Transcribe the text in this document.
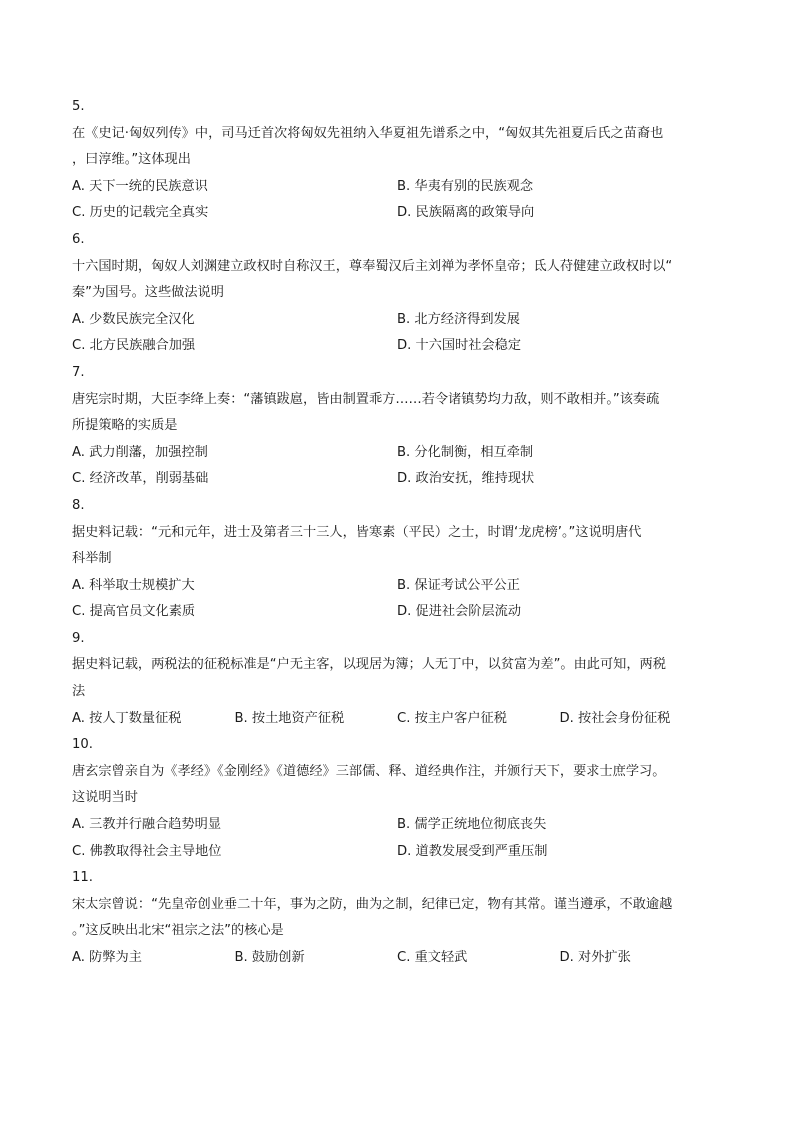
5.
在《史记·匈奴列传》中，司马迁首次将匈奴先祖纳入华夏祖先谱系之中，“匈奴其先祖夏后氏之苗裔也
，曰淳维。”这体现出
A. 天下一统的民族意识	B. 华夷有别的民族观念
C. 历史的记载完全真实	D. 民族隔离的政策导向
6.
十六国时期，匈奴人刘渊建立政权时自称汉王，尊奉蜀汉后主刘禅为孝怀皇帝；氐人苻健建立政权时以“
秦”为国号。这些做法说明
A. 少数民族完全汉化	B. 北方经济得到发展
C. 北方民族融合加强	D. 十六国时社会稳定
7.
唐宪宗时期，大臣李绛上奏：“藩镇跋扈，皆由制置乖方……若令诸镇势均力敌，则不敢相并。”该奏疏
所提策略的实质是
A. 武力削藩，加强控制	B. 分化制衡，相互牵制
C. 经济改革，削弱基础	D. 政治安抚，维持现状
8.
据史料记载：“元和元年，进士及第者三十三人，皆寒素（平民）之士，时谓‘龙虎榜’。”这说明唐代
科举制
A. 科举取士规模扩大	B. 保证考试公平公正
C. 提高官员文化素质	D. 促进社会阶层流动
9.
据史料记载，两税法的征税标准是“户无主客，以现居为簿；人无丁中，以贫富为差”。由此可知，两税
法
A. 按人丁数量征税	B. 按土地资产征税	C. 按主户客户征税	D. 按社会身份征税
10.
唐玄宗曾亲自为《孝经》《金刚经》《道德经》三部儒、释、道经典作注，并颁行天下，要求士庶学习。
这说明当时
A. 三教并行融合趋势明显	B. 儒学正统地位彻底丧失
C. 佛教取得社会主导地位	D. 道教发展受到严重压制
11.
宋太宗曾说：“先皇帝创业垂二十年，事为之防，曲为之制，纪律已定，物有其常。谨当遵承，不敢逾越
。”这反映出北宋“祖宗之法”的核心是
A. 防弊为主	B. 鼓励创新	C. 重文轻武	D. 对外扩张
